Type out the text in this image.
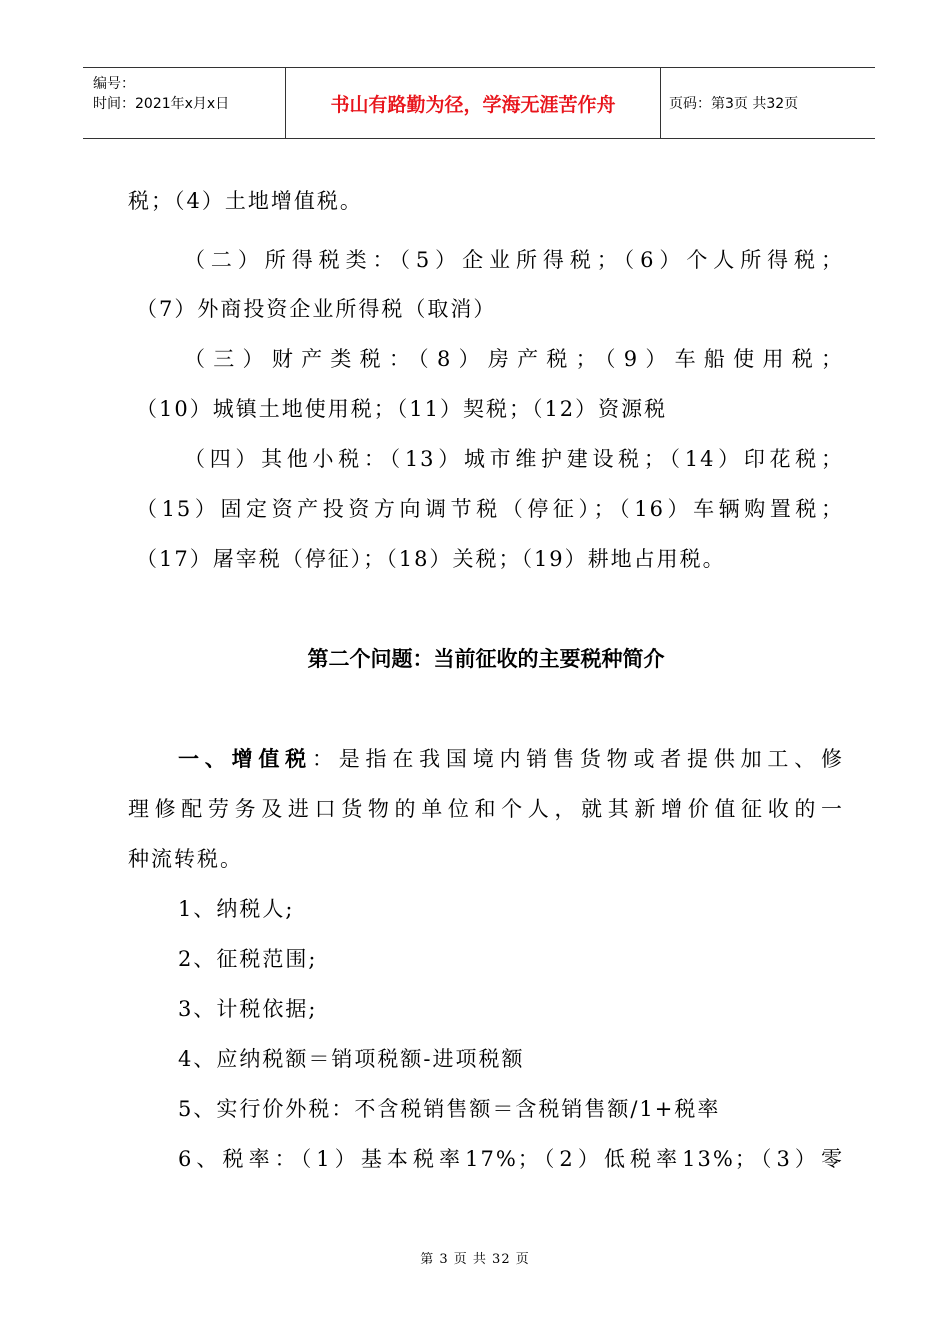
编号：
时间：2021年x月x日	书山有路勤为径，学海无涯苦作舟	页码：第3页 共32页
税；（4）土地增值税。
（二）所得税类：（5）企业所得税；（6）个人所得税；
（7）外商投资企业所得税（取消）
（三）财产类税：（8）房产税；（9）车船使用税；
（10）城镇土地使用税；（11）契税；（12）资源税
（四）其他小税：（13）城市维护建设税；（14）印花税；
（15）固定资产投资方向调节税（停征）；（16）车辆购置税；
（17）屠宰税（停征）；（18）关税；（19）耕地占用税。
第二个问题：当前征收的主要税种简介
一、增值税：是指在我国境内销售货物或者提供加工、修
理修配劳务及进口货物的单位和个人，就其新增价值征收的一
种流转税。
1、纳税人;
2、征税范围;
3、计税依据;
4、应纳税额＝销项税额-进项税额
5、实行价外税：不含税销售额＝含税销售额/1+税率
6、税率：（1）基本税率17%；（2）低税率13%；（3）零
第 3 页 共 32 页
